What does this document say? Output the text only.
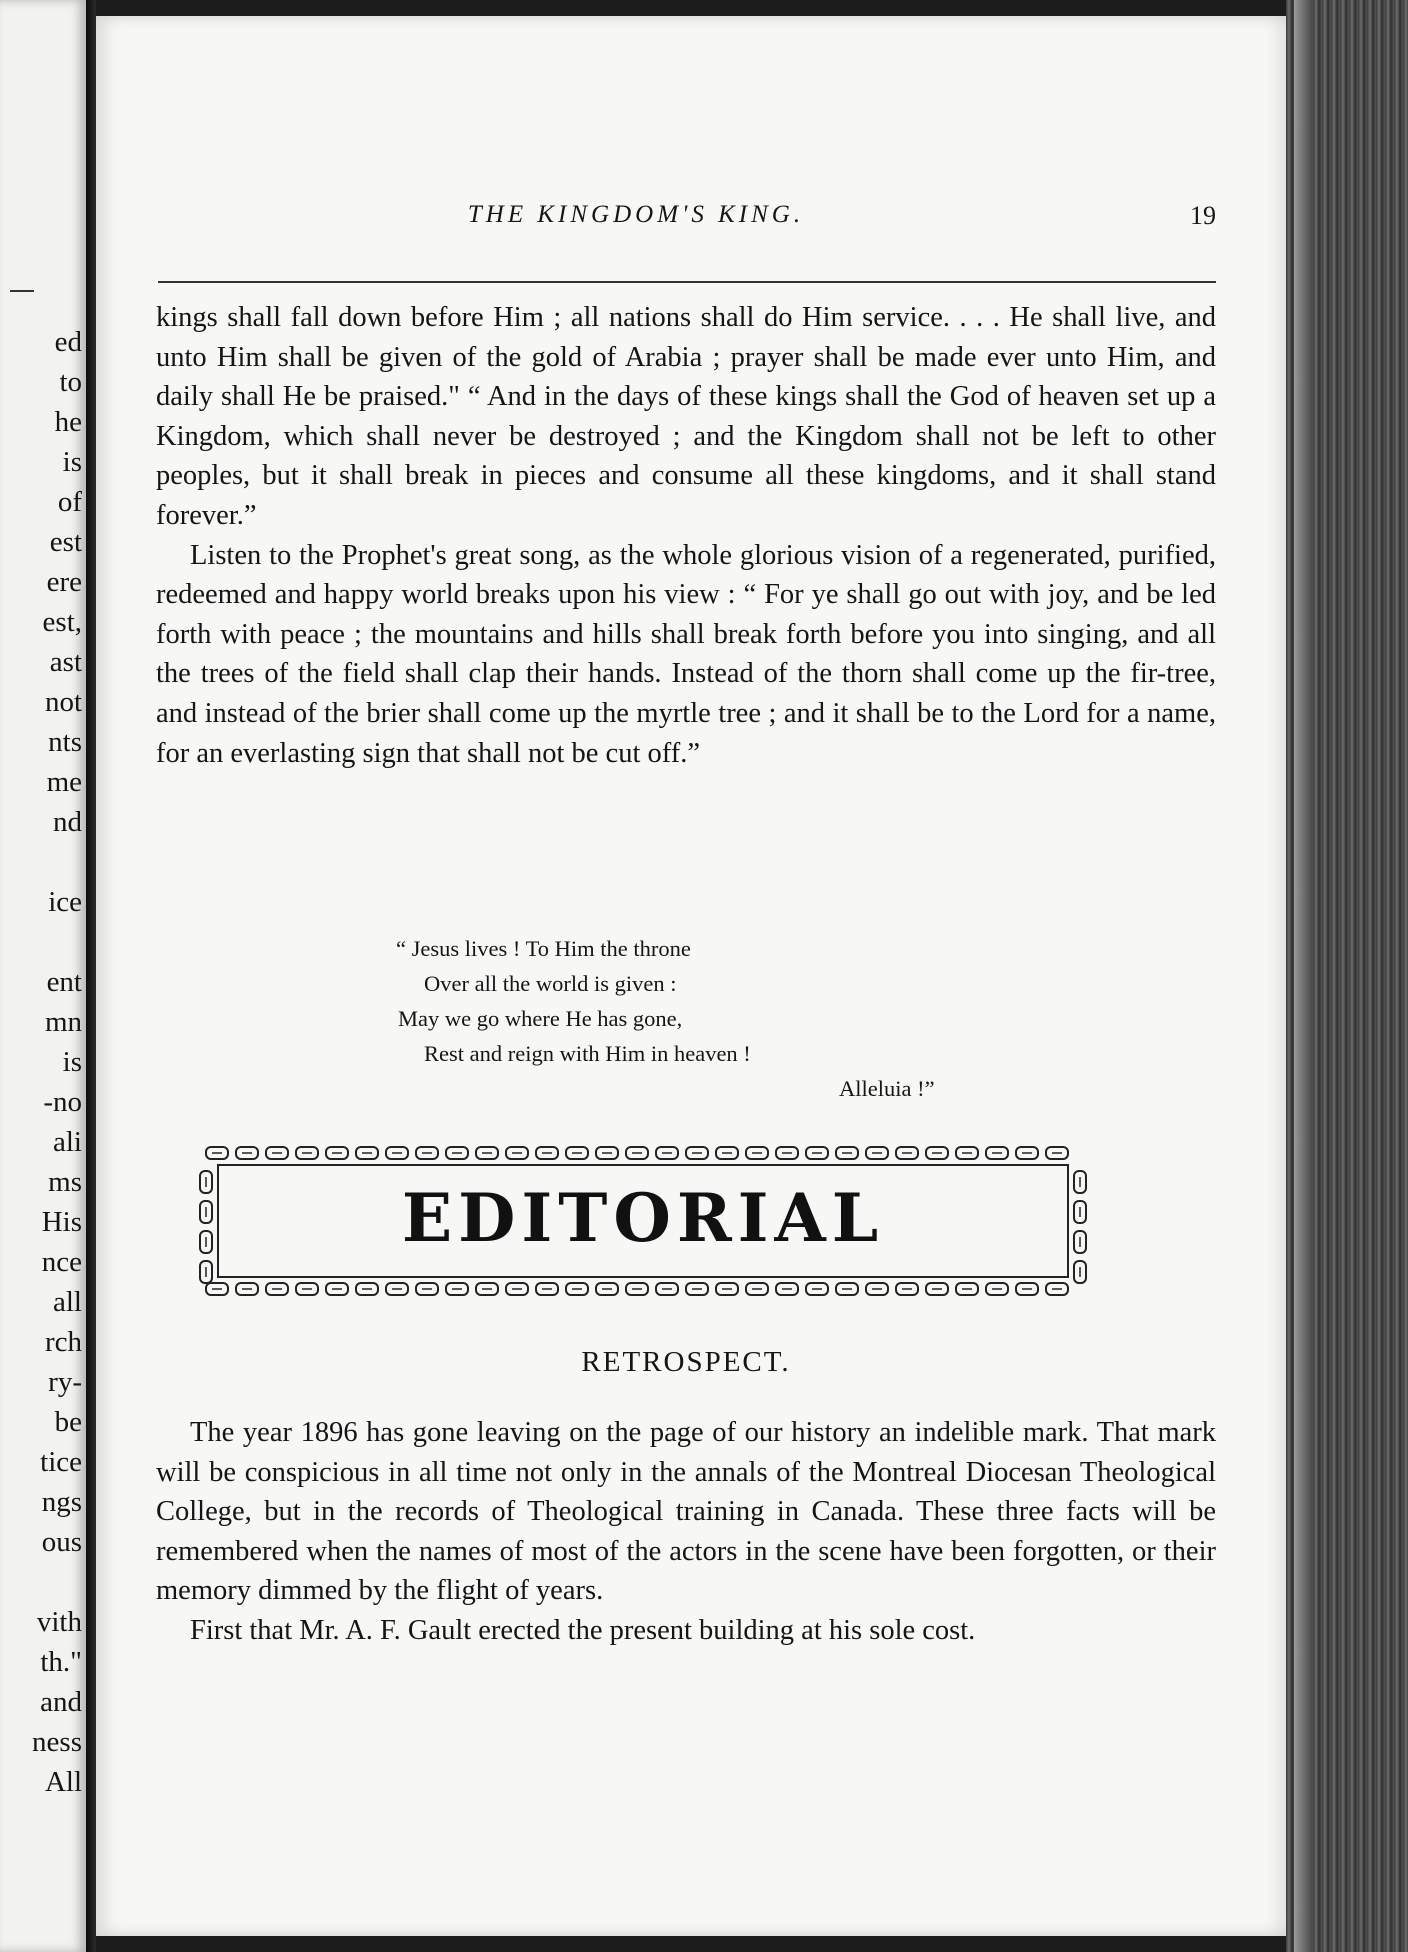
ed
to
he
is
of
est
ere
est,
ast
not
nts
me
nd
ice
ent
mn
is
-no
ali
ms
His
nce
all
rch
ry-
be
tice
ngs
ous
vith
th."
and
ness
All
THE KINGDOM'S KING.	19

kings shall fall down before Him ; all nations shall do Him service. . . . He shall live, and unto Him shall be given of the gold of Arabia ; prayer shall be made ever unto Him, and daily shall He be praised." “ And in the days of these kings shall the God of heaven set up a Kingdom, which shall never be destroyed ; and the Kingdom shall not be left to other peoples, but it shall break in pieces and consume all these kingdoms, and it shall stand forever.”

Listen to the Prophet's great song, as the whole glorious vision of a regenerated, purified, redeemed and happy world breaks upon his view : “ For ye shall go out with joy, and be led forth with peace ; the mountains and hills shall break forth before you into singing, and all the trees of the field shall clap their hands. Instead of the thorn shall come up the fir-tree, and instead of the brier shall come up the myrtle tree ; and it shall be to the Lord for a name, for an everlasting sign that shall not be cut off.”

“ Jesus lives ! To Him the throne
Over all the world is given :
May we go where He has gone,
Rest and reign with Him in heaven !
Alleluia !”
EDITORIAL
RETROSPECT.

The year 1896 has gone leaving on the page of our history an indelible mark. That mark will be conspicious in all time not only in the annals of the Montreal Diocesan Theological College, but in the records of Theological training in Canada. These three facts will be remembered when the names of most of the actors in the scene have been forgotten, or their memory dimmed by the flight of years.

First that Mr. A. F. Gault erected the present building at his sole cost.
